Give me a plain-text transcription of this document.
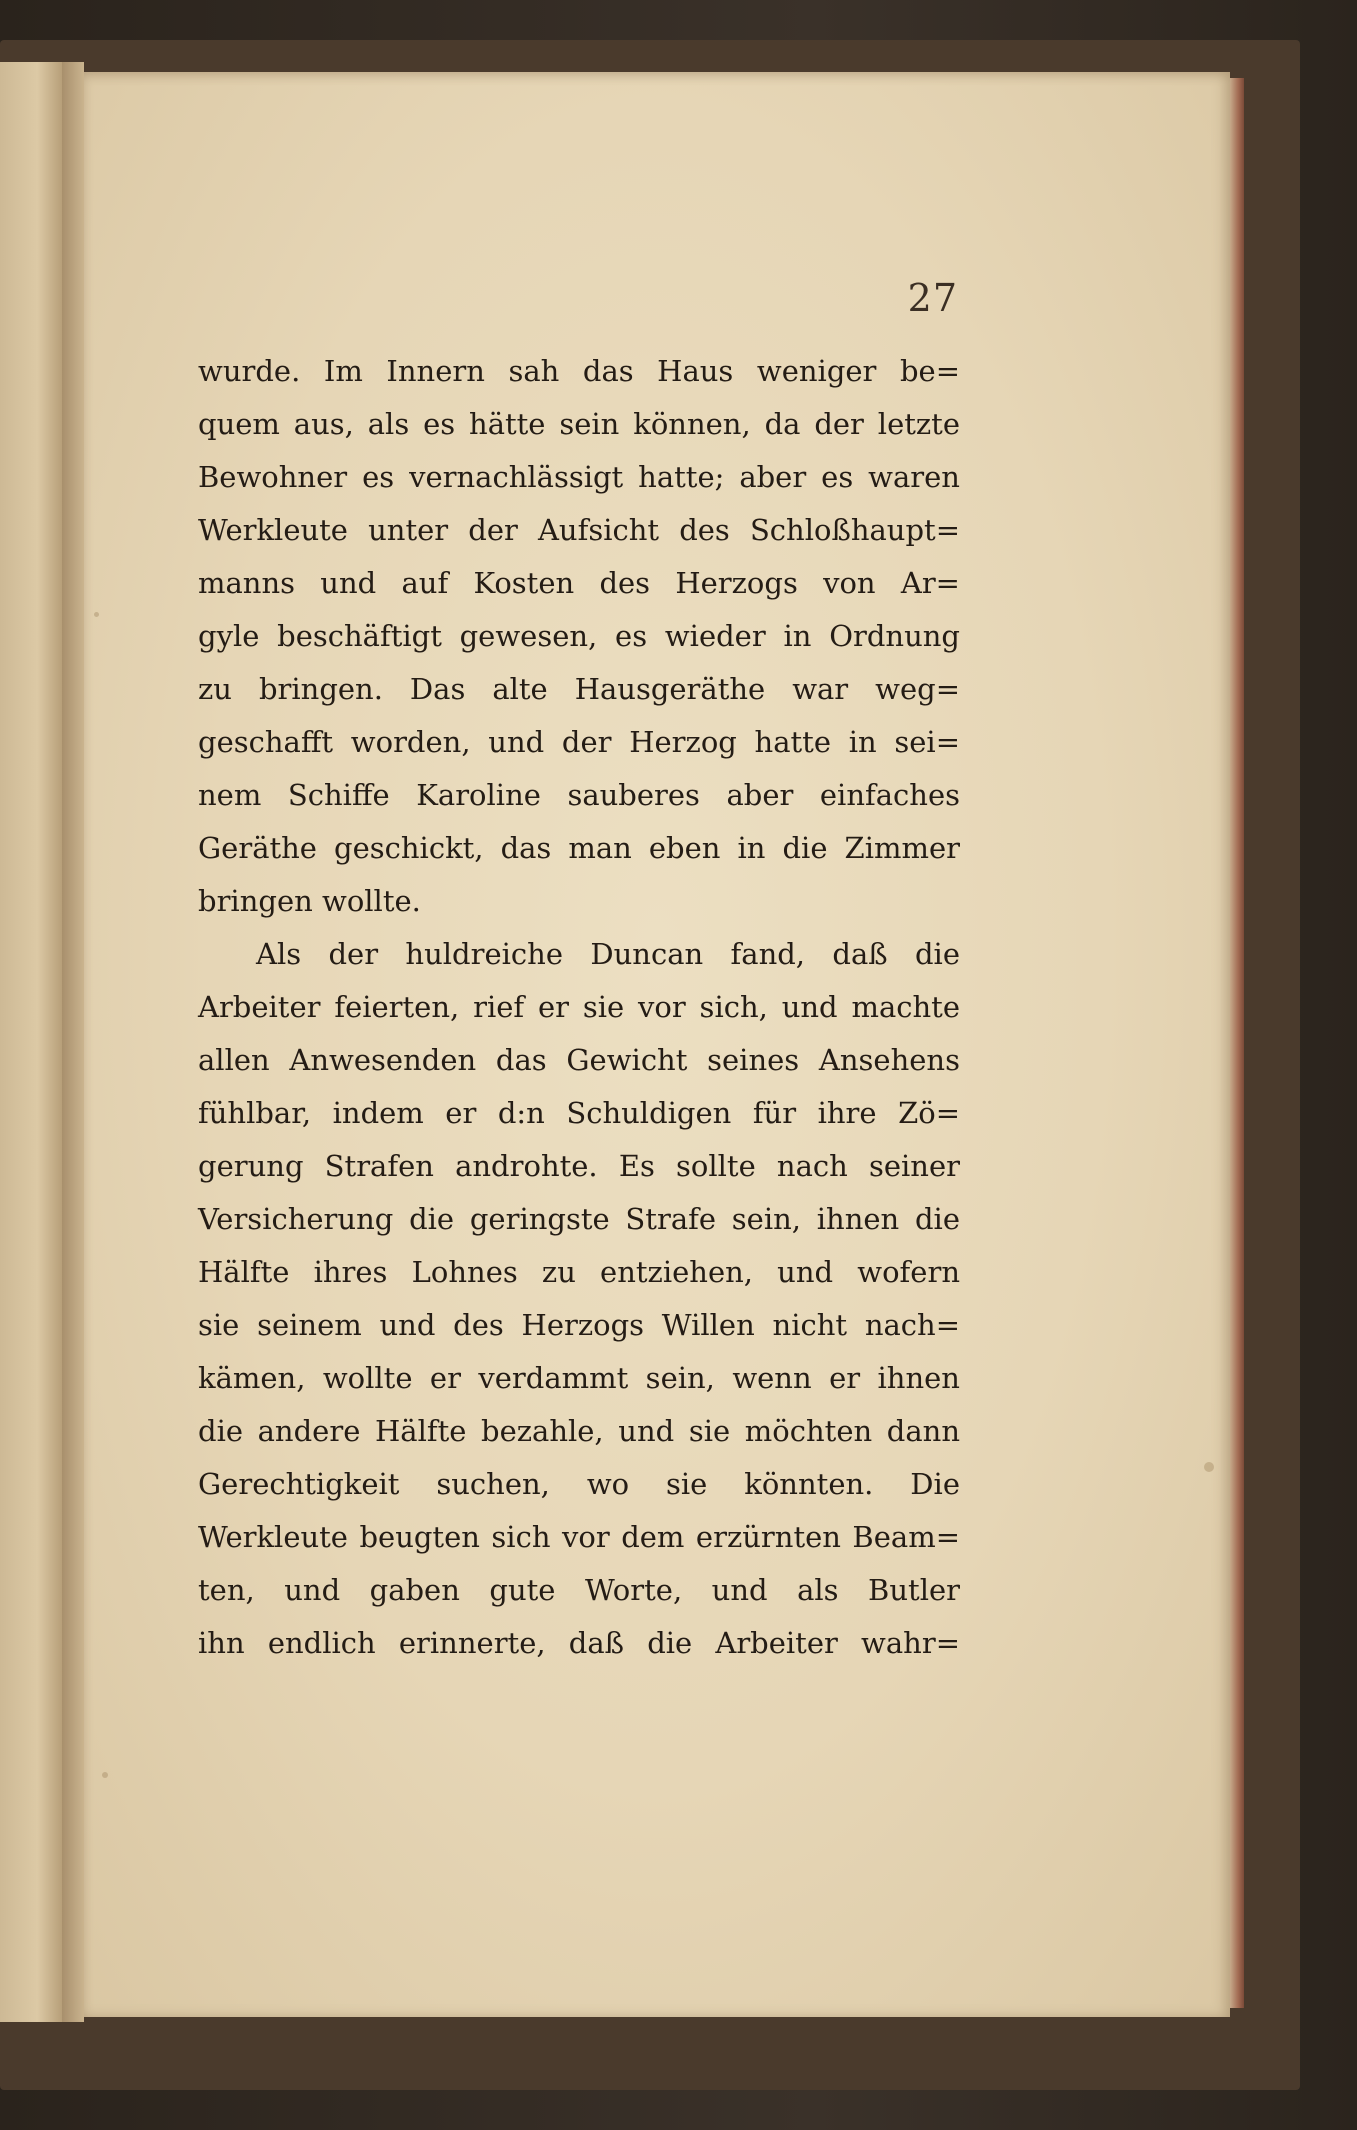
27
wurde. Im Innern sah das Haus weniger be=
quem aus, als es hätte sein können, da der letzte
Bewohner es vernachlässigt hatte; aber es waren
Werkleute unter der Aufsicht des Schloßhaupt=
manns und auf Kosten des Herzogs von Ar=
gyle beschäftigt gewesen, es wieder in Ordnung
zu bringen. Das alte Hausgeräthe war weg=
geschafft worden, und der Herzog hatte in sei=
nem Schiffe Karoline sauberes aber einfaches
Geräthe geschickt, das man eben in die Zimmer
bringen wollte.
Als der huldreiche Duncan fand, daß die
Arbeiter feierten, rief er sie vor sich, und machte
allen Anwesenden das Gewicht seines Ansehens
fühlbar, indem er d:n Schuldigen für ihre Zö=
gerung Strafen androhte. Es sollte nach seiner
Versicherung die geringste Strafe sein, ihnen die
Hälfte ihres Lohnes zu entziehen, und wofern
sie seinem und des Herzogs Willen nicht nach=
kämen, wollte er verdammt sein, wenn er ihnen
die andere Hälfte bezahle, und sie möchten dann
Gerechtigkeit suchen, wo sie könnten. Die
Werkleute beugten sich vor dem erzürnten Beam=
ten, und gaben gute Worte, und als Butler
ihn endlich erinnerte, daß die Arbeiter wahr=
